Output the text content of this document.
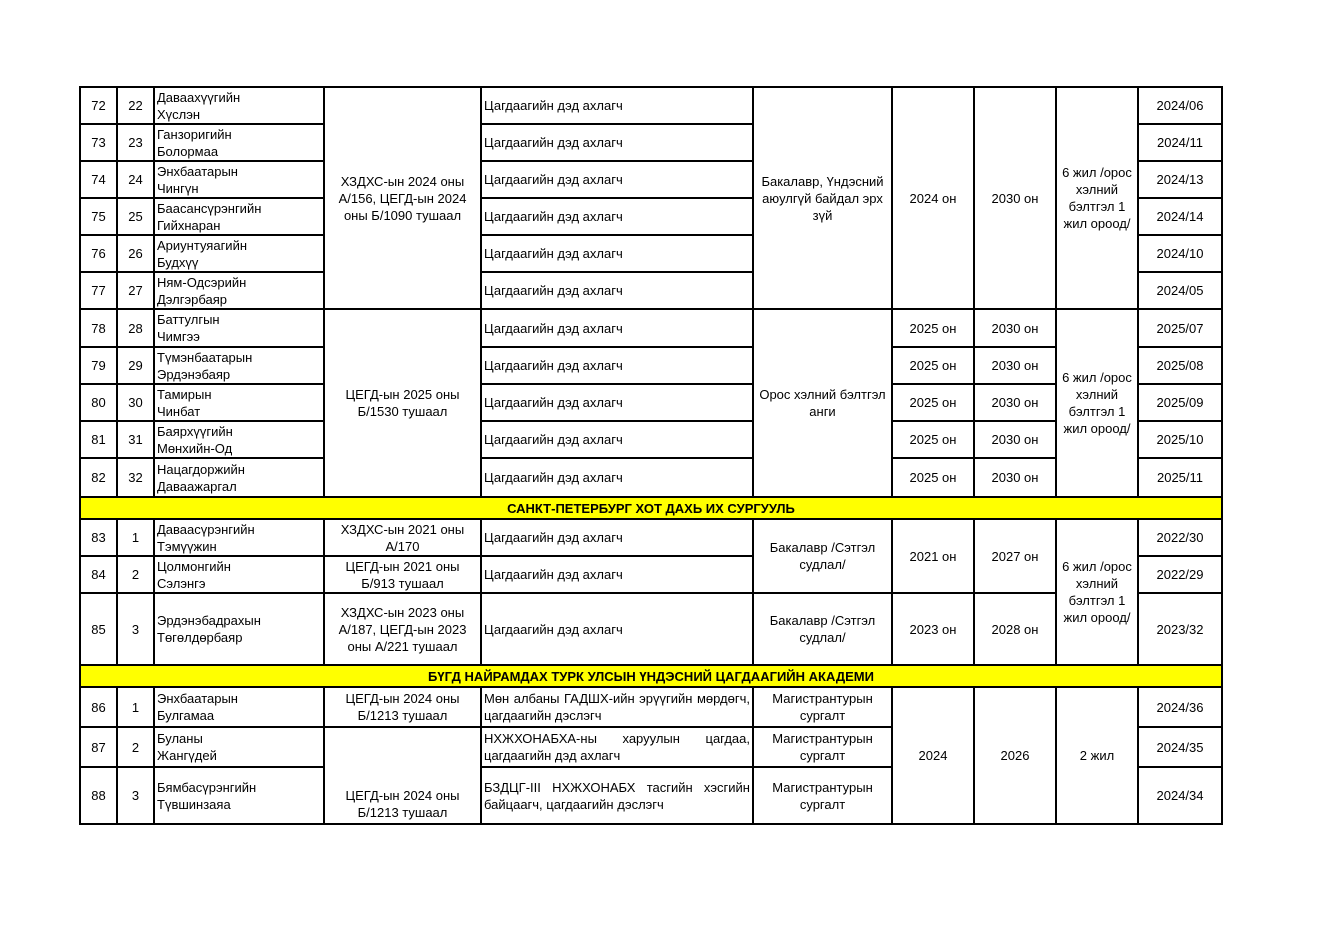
72	22	Даваахүүгийн
Хүслэн	ХЗДХС-ын 2024 оны А/156, ЦЕГД-ын 2024 оны Б/1090 тушаал	Цагдаагийн дэд ахлагч	Бакалавр, Үндэсний аюулгүй байдал эрх зүй	2024 он	2030 он	6 жил /орос хэлний бэлтгэл 1 жил ороод/	2024/06
73	23	Ганзоригийн
Болормаа		Цагдаагийн дэд ахлагч					2024/11
74	24	Энхбаатарын
Чингүн		Цагдаагийн дэд ахлагч					2024/13
75	25	Баасансүрэнгийн
Гийхнаран		Цагдаагийн дэд ахлагч					2024/14
76	26	Ариунтуяагийн
Будхүү		Цагдаагийн дэд ахлагч					2024/10
77	27	Ням-Одсэрийн
Дэлгэрбаяр		Цагдаагийн дэд ахлагч					2024/05
78	28	Баттулгын
Чимгээ	ЦЕГД-ын 2025 оны Б/1530 тушаал	Цагдаагийн дэд ахлагч	Орос хэлний бэлтгэл анги	2025 он	2030 он	6 жил /орос хэлний бэлтгэл 1 жил ороод/	2025/07
79	29	Түмэнбаатарын
Эрдэнэбаяр		Цагдаагийн дэд ахлагч		2025 он	2030 он		2025/08
80	30	Тамирын
Чинбат		Цагдаагийн дэд ахлагч		2025 он	2030 он		2025/09
81	31	Баярхүүгийн
Мөнхийн-Од		Цагдаагийн дэд ахлагч		2025 он	2030 он		2025/10
82	32	Нацагдоржийн
Даваажаргал		Цагдаагийн дэд ахлагч		2025 он	2030 он		2025/11
САНКТ-ПЕТЕРБУРГ ХОТ ДАХЬ ИХ СУРГУУЛЬ									
83	1	Даваасүрэнгийн
Тэмүүжин	ХЗДХС-ын 2021 оны А/170	Цагдаагийн дэд ахлагч	Бакалавр /Сэтгэл судлал/	2021 он	2027 он	6 жил /орос хэлний бэлтгэл 1 жил ороод/	2022/30
84	2	Цолмонгийн
Сэлэнгэ	ЦЕГД-ын 2021 оны Б/913 тушаал	Цагдаагийн дэд ахлагч					2022/29
85	3	Эрдэнэбадрахын
Төгөлдөрбаяр	ХЗДХС-ын 2023 оны А/187, ЦЕГД-ын 2023 оны А/221 тушаал	Цагдаагийн дэд ахлагч	Бакалавр /Сэтгэл судлал/	2023 он	2028 он		2023/32
БҮГД НАЙРАМДАХ ТУРК УЛСЫН ҮНДЭСНИЙ ЦАГДААГИЙН АКАДЕМИ									
86	1	Энхбаатарын
Булгамаа	ЦЕГД-ын 2024 оны Б/1213 тушаал	Мөн албаны ГАДШХ-ийн эрүүгийн мөрдөгч, цагдаагийн дэслэгч	Магистрантурын сургалт	2024	2026	2 жил	2024/36
87	2	Буланы
Жангүдей	ЦЕГД-ын 2024 оны Б/1213 тушаал	НХЖХОНАБХА-ны харуулын цагдаа, цагдаагийн дэд ахлагч	Магистрантурын сургалт				2024/35
88	3	Бямбасүрэнгийн
Түвшинзаяа		БЗДЦГ-III НХЖХОНАБХ тасгийн хэсгийн байцаагч, цагдаагийн дэслэгч	Магистрантурын сургалт				2024/34
